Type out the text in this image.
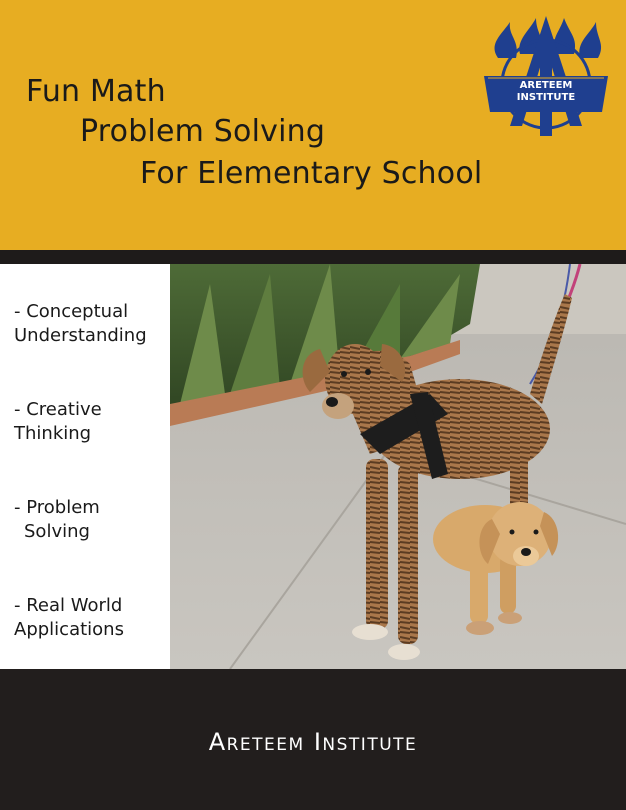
Fun Math
Problem Solving
For Elementary School
ARETEEM
INSTITUTE
- Conceptual
Understanding
- Creative
Thinking
- Problem
Solving
- Real World
Applications
Areteem Institute
